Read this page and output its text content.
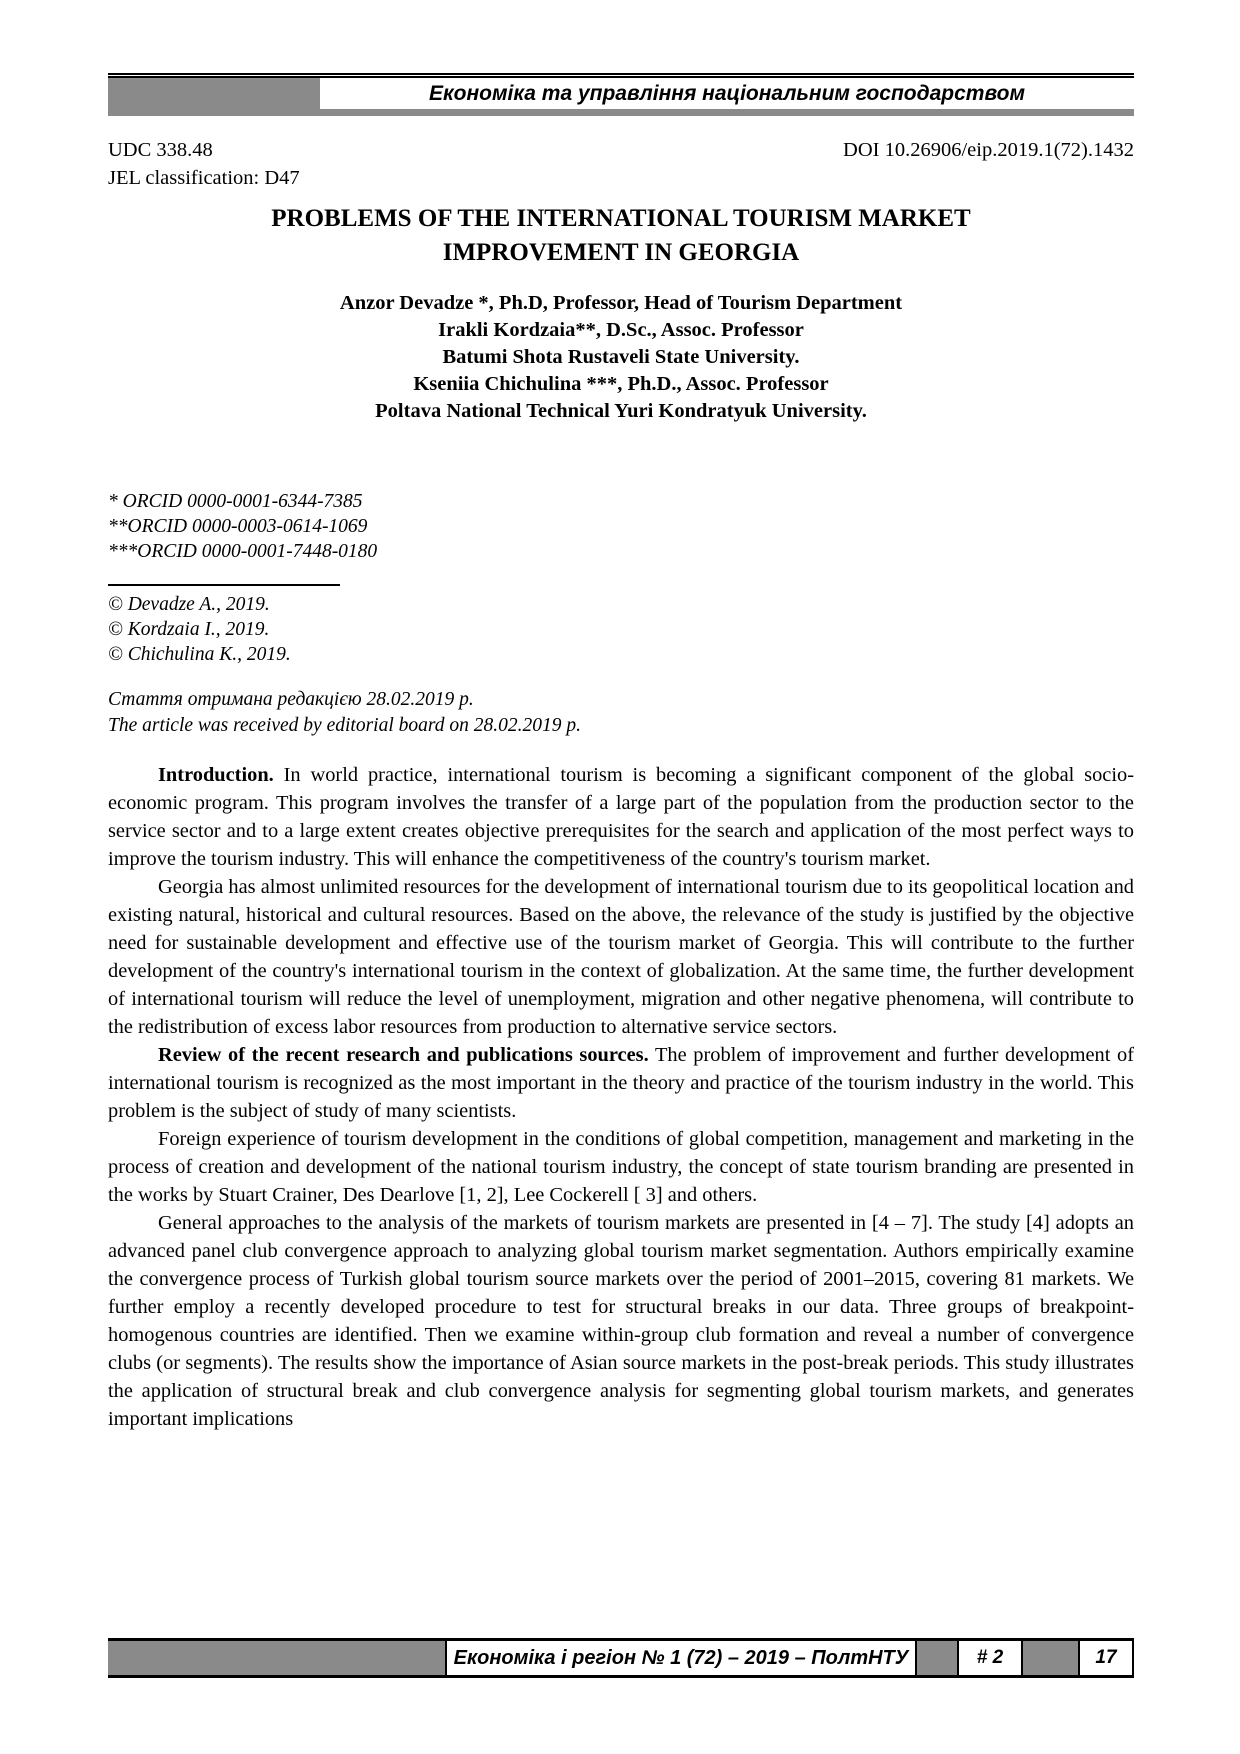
Економіка та управління національним господарством
UDC 338.48
JEL classification: D47
DOI 10.26906/eip.2019.1(72).1432
PROBLEMS OF THE INTERNATIONAL TOURISM MARKET
IMPROVEMENT IN GEORGIA
Anzor Devadze *, Ph.D, Professor, Head of Tourism Department
Irakli Kordzaia**, D.Sc., Assoc. Professor
Batumi Shota Rustaveli State University.
Kseniia Chichulina ***, Ph.D., Assoc. Professor
Poltava National Technical Yuri Kondratyuk University.
* ORCID 0000-0001-6344-7385
**ORCID 0000-0003-0614-1069
***ORCID 0000-0001-7448-0180
© Devadze A., 2019.
© Kordzaia I., 2019.
© Chichulina K., 2019.
Стаття отримана редакцією 28.02.2019 р.
The article was received by editorial board on 28.02.2019 р.

Introduction. In world practice, international tourism is becoming a significant component of the global socio-economic program. This program involves the transfer of a large part of the population from the production sector to the service sector and to a large extent creates objective prerequisites for the search and application of the most perfect ways to improve the tourism industry. This will enhance the competitiveness of the country's tourism market.

Georgia has almost unlimited resources for the development of international tourism due to its geopolitical location and existing natural, historical and cultural resources. Based on the above, the relevance of the study is justified by the objective need for sustainable development and effective use of the tourism market of Georgia. This will contribute to the further development of the country's international tourism in the context of globalization. At the same time, the further development of international tourism will reduce the level of unemployment, migration and other negative phenomena, will contribute to the redistribution of excess labor resources from production to alternative service sectors.

Review of the recent research and publications sources. The problem of improvement and further development of international tourism is recognized as the most important in the theory and practice of the tourism industry in the world. This problem is the subject of study of many scientists.

Foreign experience of tourism development in the conditions of global competition, management and marketing in the process of creation and development of the national tourism industry, the concept of state tourism branding are presented in the works by Stuart Crainer, Des Dearlove [1, 2], Lee Cockerell [ 3] and others.

General approaches to the analysis of the markets of tourism markets are presented in [4 – 7]. The study [4] adopts an advanced panel club convergence approach to analyzing global tourism market segmentation. Authors empirically examine the convergence process of Turkish global tourism source markets over the period of 2001–2015, covering 81 markets. We further employ a recently developed procedure to test for structural breaks in our data. Three groups of breakpoint-homogenous countries are identified. Then we examine within-group club formation and reveal a number of convergence clubs (or segments). The results show the importance of Asian source markets in the post-break periods. This study illustrates the application of structural break and club convergence analysis for segmenting global tourism markets, and generates important implications

Економіка і регіон № 1 (72) – 2019 – ПолтНТУ	# 2	17
